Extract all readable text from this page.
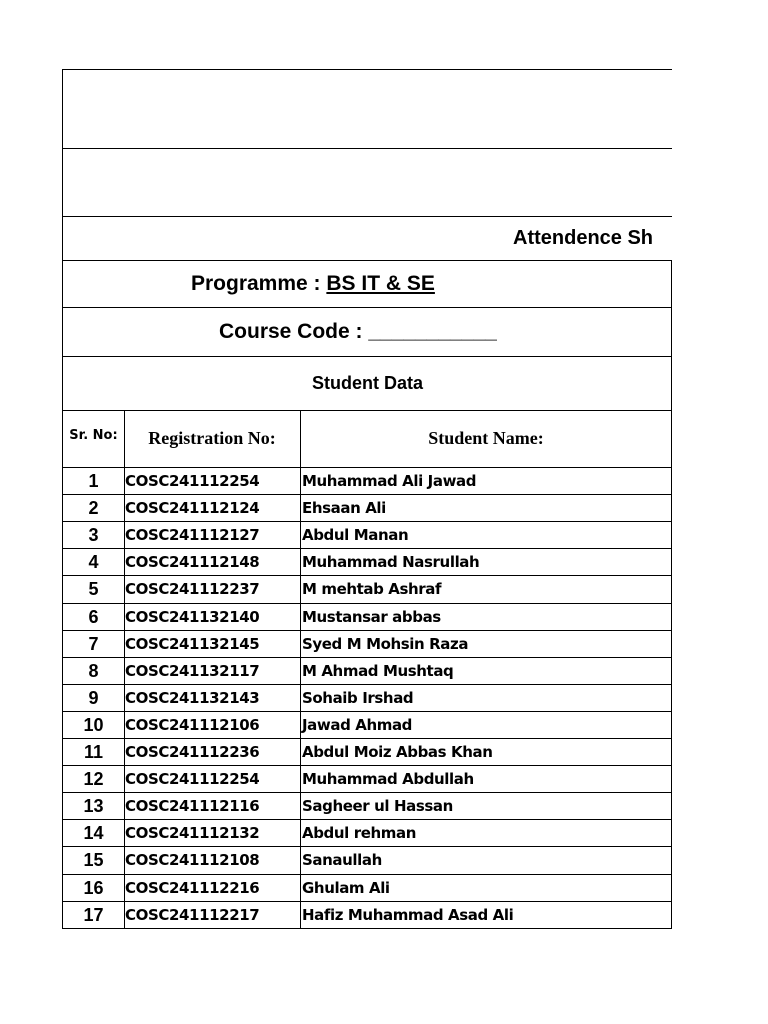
Attendence Sh
Programme : BS IT & SE
Course Code : ___________
Student Data
Sr. No:	Registration No:	Student Name:
1	COSC241112254	Muhammad Ali Jawad
2	COSC241112124	Ehsaan Ali
3	COSC241112127	Abdul Manan
4	COSC241112148	Muhammad Nasrullah
5	COSC241112237	M mehtab Ashraf
6	COSC241132140	Mustansar abbas
7	COSC241132145	Syed M Mohsin Raza
8	COSC241132117	M Ahmad Mushtaq
9	COSC241132143	Sohaib Irshad
10	COSC241112106	Jawad Ahmad
11	COSC241112236	Abdul Moiz Abbas Khan
12	COSC241112254	Muhammad Abdullah
13	COSC241112116	Sagheer ul Hassan
14	COSC241112132	Abdul rehman
15	COSC241112108	Sanaullah
16	COSC241112216	Ghulam Ali
17	COSC241112217	Hafiz Muhammad Asad Ali
